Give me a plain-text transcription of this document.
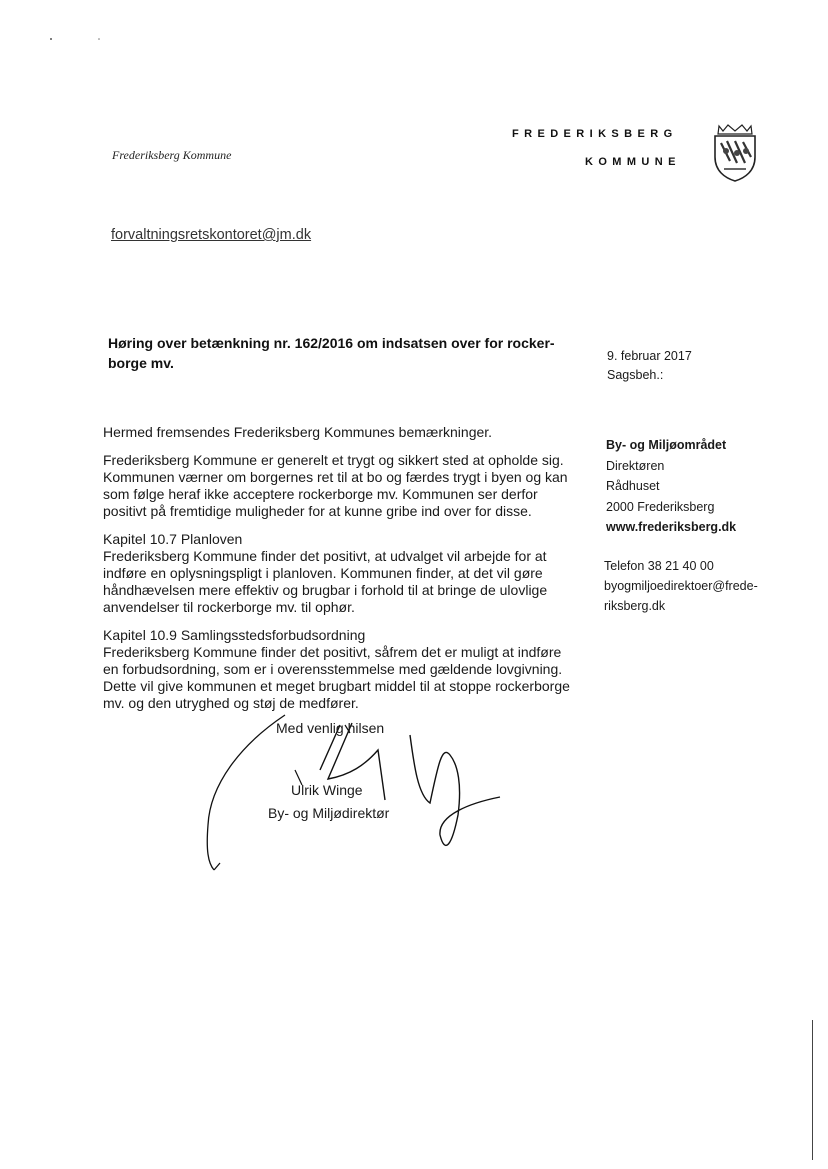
Frederiksberg Kommune
FREDERIKSBERG
KOMMUNE
forvaltningsretskontoret@jm.dk
Høring over betænkning nr. 162/2016 om indsatsen over for rocker-borge mv.	9. februar 2017
Sagsbeh.:
By- og Miljøområdet
Direktøren
Rådhuset
2000 Frederiksberg
www.frederiksberg.dk
Telefon 38 21 40 00
byogmiljoedirektoer@frede-riksberg.dk

Hermed fremsendes Frederiksberg Kommunes bemærkninger.

Frederiksberg Kommune er generelt et trygt og sikkert sted at opholde sig. Kommunen værner om borgernes ret til at bo og færdes trygt i byen og kan som følge heraf ikke acceptere rockerborge mv. Kommunen ser derfor positivt på fremtidige muligheder for at kunne gribe ind over for disse.

Kapitel 10.7 Planloven

Frederiksberg Kommune finder det positivt, at udvalget vil arbejde for at indføre en oplysningspligt i planloven. Kommunen finder, at det vil gøre håndhævelsen mere effektiv og brugbar i forhold til at bringe de ulovlige anvendelser til rockerborge mv. til ophør.

Kapitel 10.9 Samlingsstedsforbudsordning

Frederiksberg Kommune finder det positivt, såfrem det er muligt at indføre en forbudsordning, som er i overensstemmelse med gældende lovgivning. Dette vil give kommunen et meget brugbart middel til at stoppe rockerborge mv. og den utryghed og støj de medfører.

Med venlig hilsen
Ulrik Winge
By- og Miljødirektør
